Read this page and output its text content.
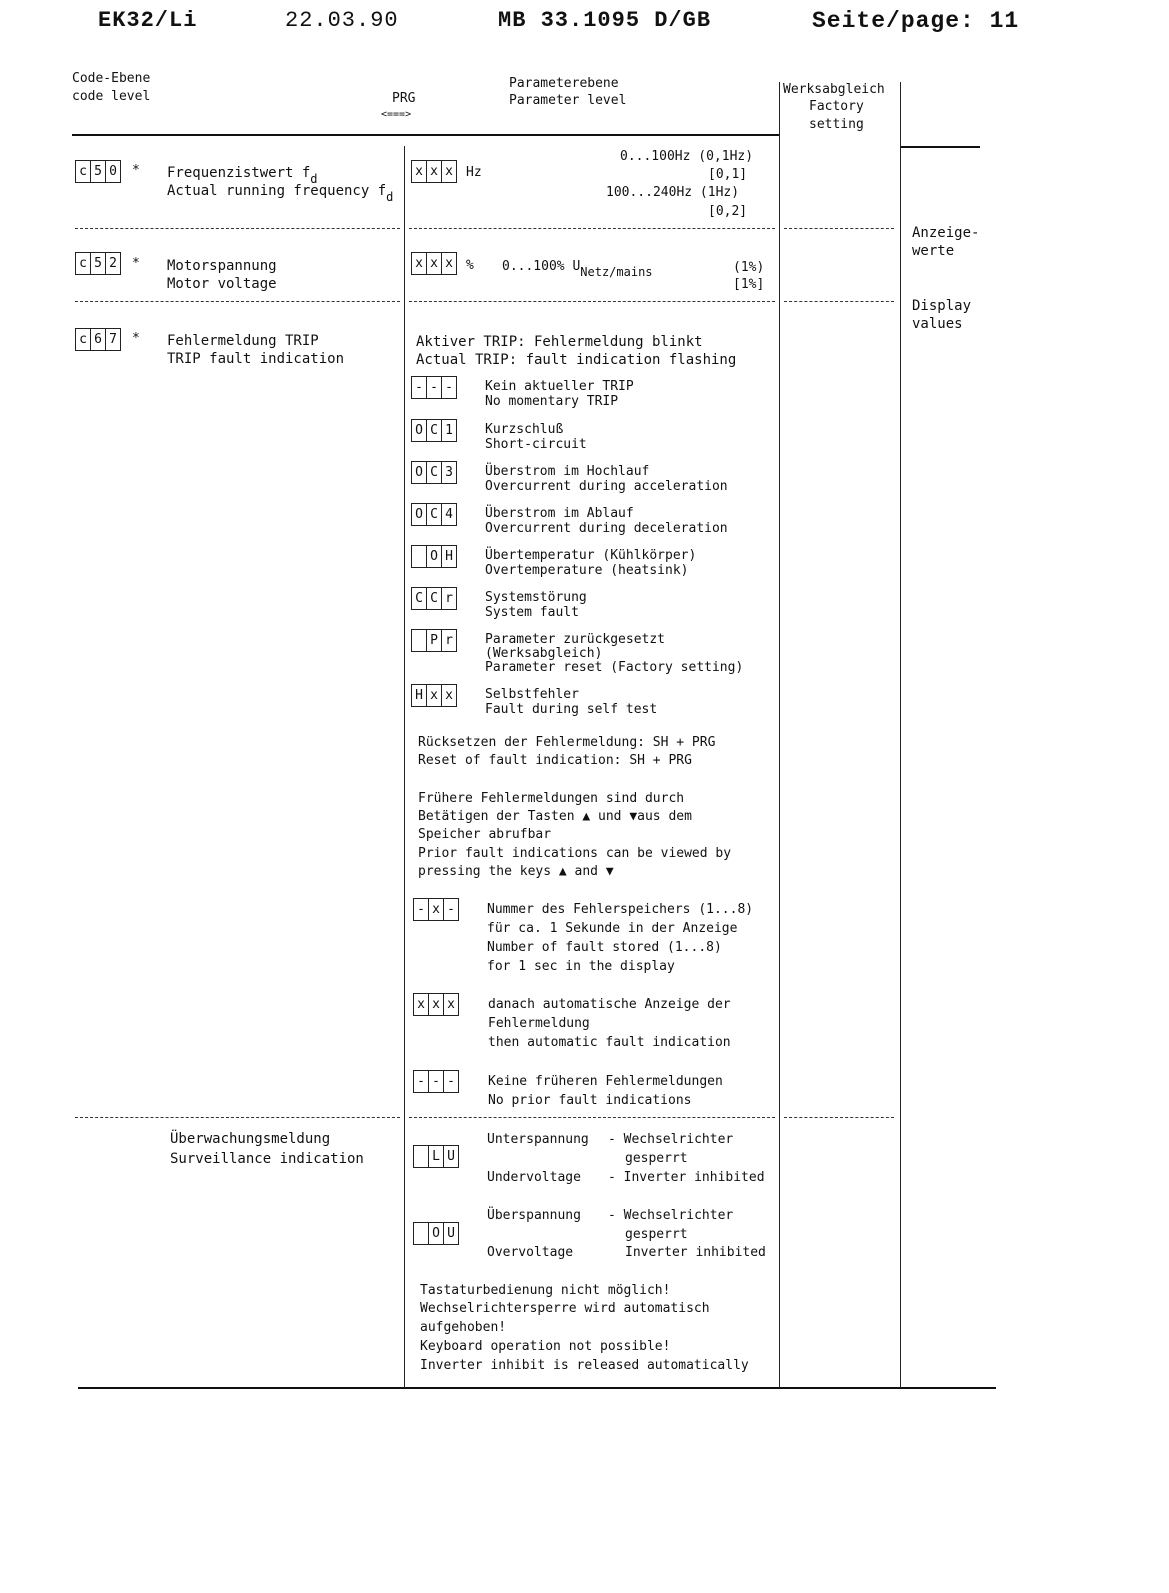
EK32/Li	22.03.90	MB 33.1095 D/GB	Seite/page: 11
Code-Ebene
code level	PRG
<===>
Parameterebene
Parameter level
Werksabgleich
Factory
setting
Anzeige-
werte
Display
values
c 5 0 * Frequenzistwert fd
Actual running frequency fd
x x x Hz
0...100Hz (0,1Hz)
[0,1]
100...240Hz (1Hz)
[0,2]
c 5 2 * Motorspannung
Motor voltage
x x x % 0...100% UNetz/mains	(1%)
[1%]
c 6 7 * Fehlermeldung TRIP
TRIP fault indication
Aktiver TRIP: Fehlermeldung blinkt
Actual TRIP: fault indication flashing
- - - Kein aktueller TRIP
No momentary TRIP
O C 1 Kurzschluß
Short-circuit
O C 3 Überstrom im Hochlauf
Overcurrent during acceleration
O C 4 Überstrom im Ablauf
Overcurrent during deceleration
O H Übertemperatur (Kühlkörper)
Overtemperature (heatsink)
C C r Systemstörung
System fault
P r Parameter zurückgesetzt
(Werksabgleich)
Parameter reset (Factory setting)
H x x Selbstfehler
Fault during self test
Rücksetzen der Fehlermeldung: SH + PRG
Reset of fault indication: SH + PRG
Frühere Fehlermeldungen sind durch
Betätigen der Tasten ▲ und ▼aus dem
Speicher abrufbar
Prior fault indications can be viewed by
pressing the keys ▲ and ▼
- x - Nummer des Fehlerspeichers (1...8)
für ca. 1 Sekunde in der Anzeige
Number of fault stored (1...8)
for 1 sec in the display
x x x	danach automatische Anzeige der
Fehlermeldung
then automatic fault indication
- - -	Keine früheren Fehlermeldungen
No prior fault indications
Überwachungsmeldung
Surveillance indication	L U
Unterspannung - Wechselrichter
gesperrt
Undervoltage - Inverter inhibited
O U
Überspannung - Wechselrichter
gesperrt
Overvoltage	Inverter inhibited
Tastaturbedienung nicht möglich!
Wechselrichtersperre wird automatisch
aufgehoben!
Keyboard operation not possible!
Inverter inhibit is released automatically
